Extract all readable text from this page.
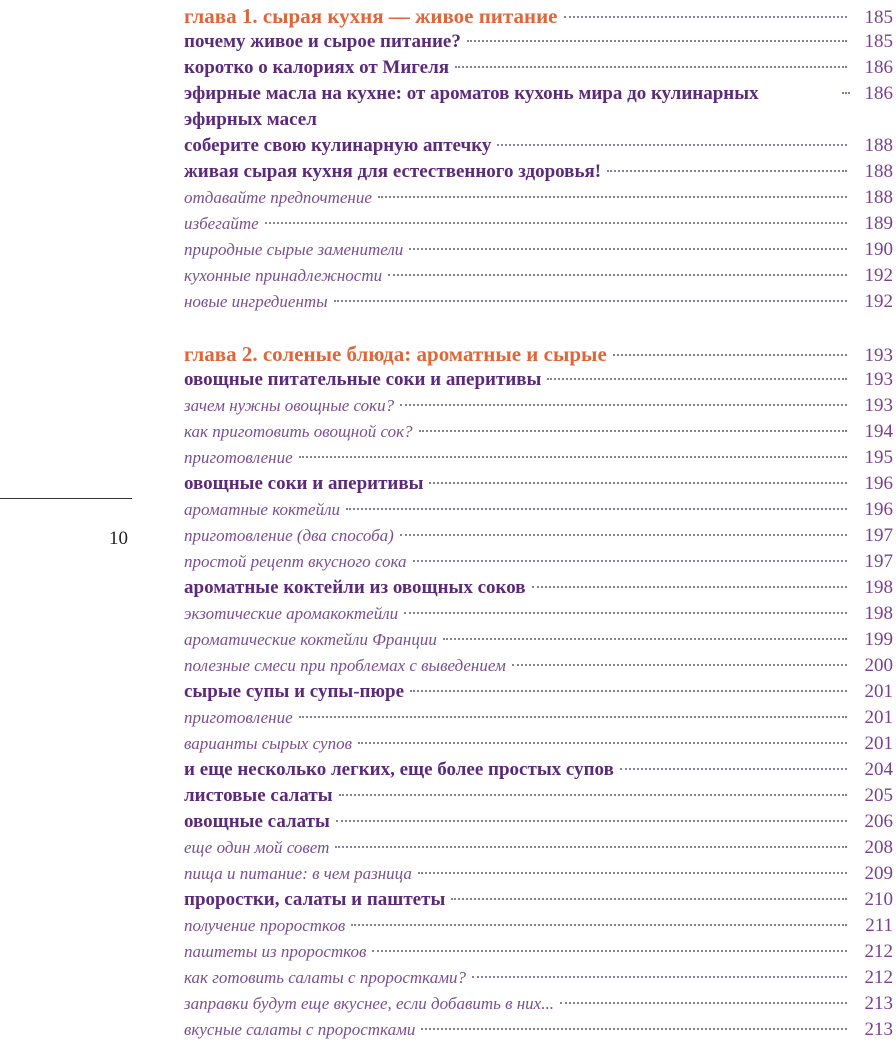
10
глава 1. сырая кухня — живое питание	185
почему живое и сырое питание?	185
коротко о калориях от Мигеля	186
эфирные масла на кухне: от ароматов кухонь мира до кулинарных эфирных масел
186
соберите свою кулинарную аптечку	188
живая сырая кухня для естественного здоровья!	188
отдавайте предпочтение	188
избегайте	189
природные сырые заменители	190
кухонные принадлежности	192
новые ингредиенты	192
глава 2. соленые блюда: ароматные и сырые	193
овощные питательные соки и аперитивы	193
зачем нужны овощные соки?	193
как приготовить овощной сок?	194
приготовление	195
овощные соки и аперитивы	196
ароматные коктейли	196
приготовление (два способа)	197
простой рецепт вкусного сока	197
ароматные коктейли из овощных соков	198
экзотические аромакоктейли	198
ароматические коктейли Франции	199
полезные смеси при проблемах с выведением	200
сырые супы и супы-пюре	201
приготовление	201
варианты сырых супов	201
и еще несколько легких, еще более простых супов	204
листовые салаты	205
овощные салаты	206
еще один мой совет	208
пища и питание: в чем разница	209
проростки, салаты и паштеты	210
получение проростков	211
паштеты из проростков	212
как готовить салаты с проростками?	212
заправки будут еще вкуснее, если добавить в них...	213
вкусные салаты с проростками	213
